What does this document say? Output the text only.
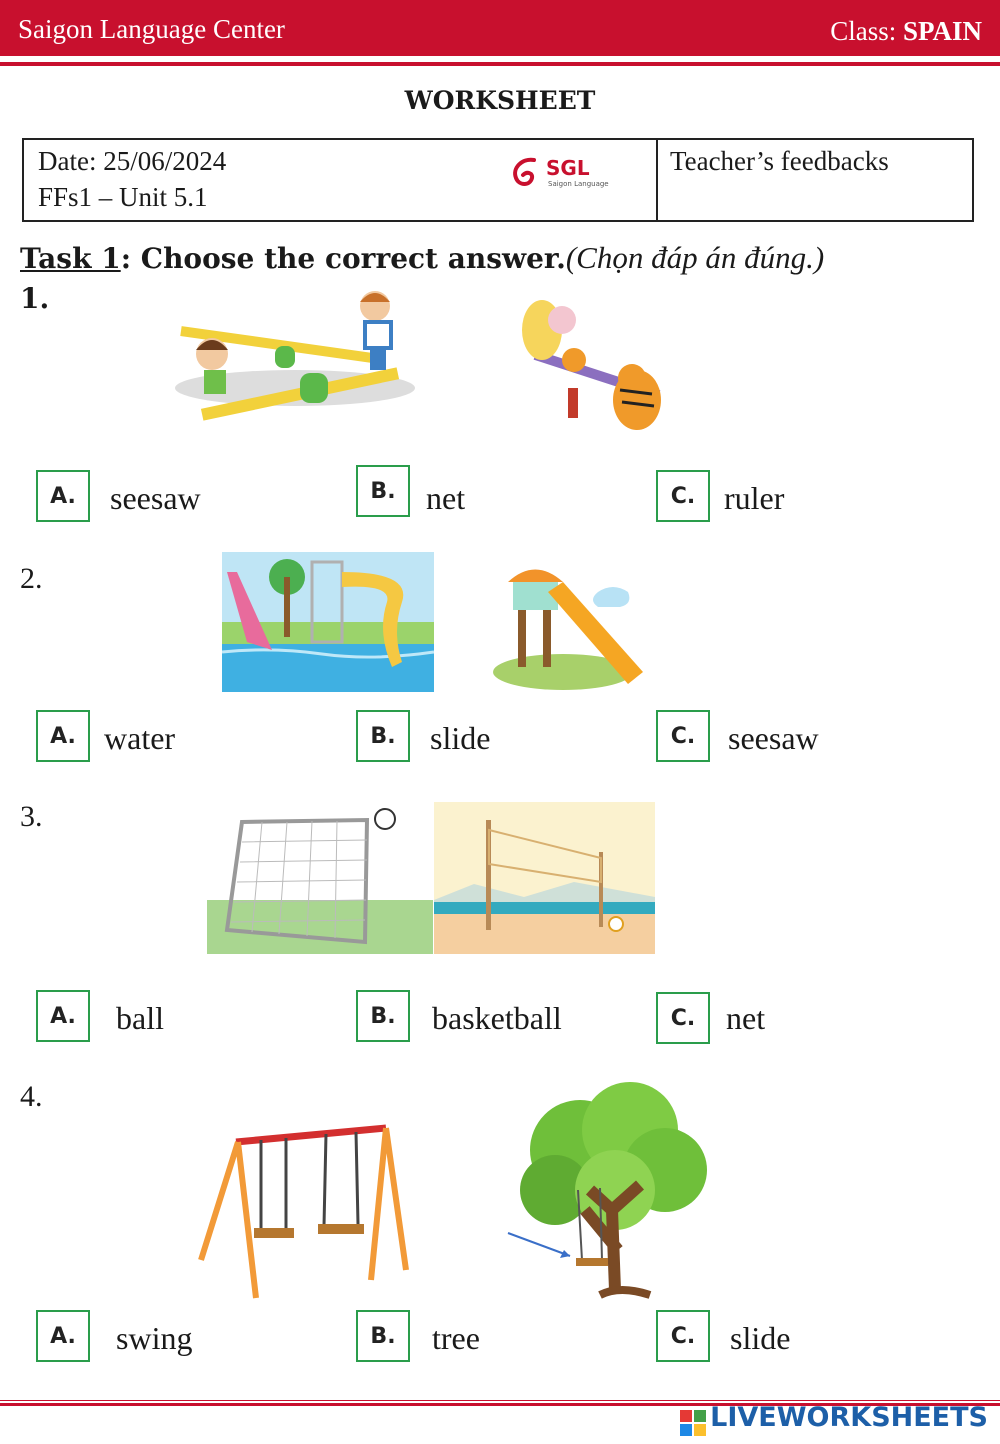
Saigon Language Center	Class: SPAIN
WORKSHEET
Date: 25/06/2024
FFs1 – Unit 5.1
SGL
Saigon Language
Teacher’s feedbacks
Task 1: Choose the correct answer.(Chọn đáp án đúng.)
1.
A.	seesaw	B. net	C. ruler
2.
A. water	B.	slide	C.	seesaw
3.
A.	ball	B.	basketball	C. net
4.
A.	swing	B.	tree	C.	slide
LIVEWORKSHEETS
